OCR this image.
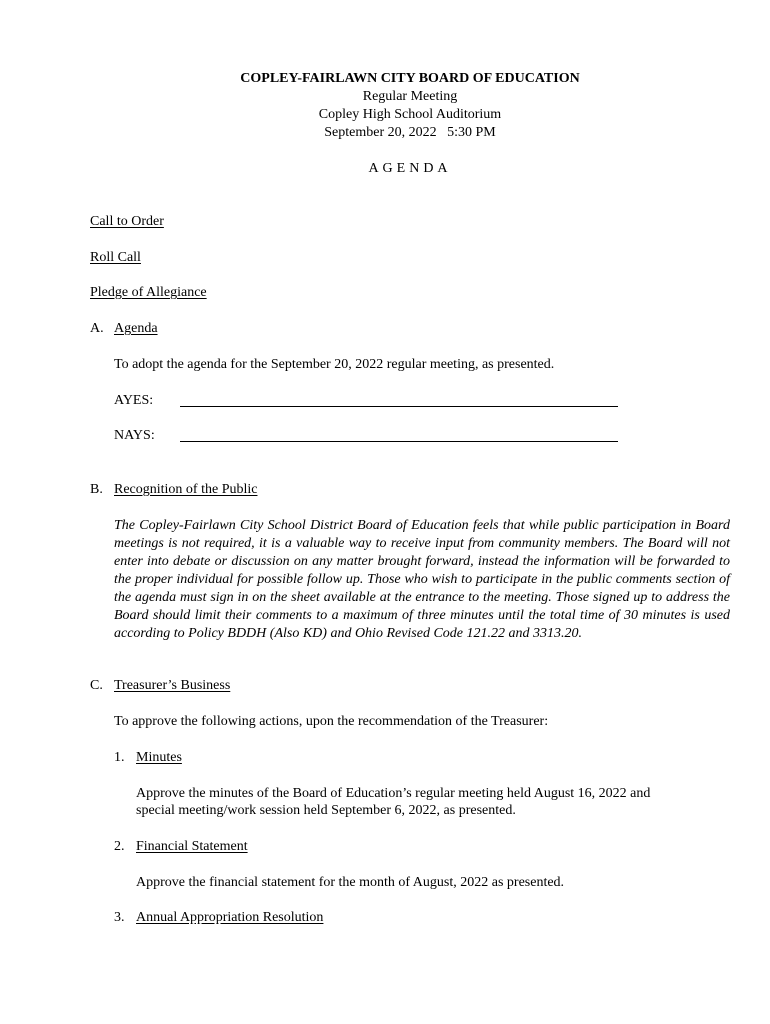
COPLEY-FAIRLAWN CITY BOARD OF EDUCATION
Regular Meeting
Copley High School Auditorium
September 20, 2022   5:30 PM
AGENDA
Call to Order
Roll Call
Pledge of Allegiance
A. Agenda
To adopt the agenda for the September 20, 2022 regular meeting, as presented.
AYES:
NAYS:
B. Recognition of the Public
The Copley-Fairlawn City School District Board of Education feels that while public participation in Board meetings is not required, it is a valuable way to receive input from community members. The Board will not enter into debate or discussion on any matter brought forward, instead the information will be forwarded to the proper individual for possible follow up. Those who wish to participate in the public comments section of the agenda must sign in on the sheet available at the entrance to the meeting. Those signed up to address the Board should limit their comments to a maximum of three minutes until the total time of 30 minutes is used according to Policy BDDH (Also KD) and Ohio Revised Code 121.22 and 3313.20.
C. Treasurer’s Business
To approve the following actions, upon the recommendation of the Treasurer:
1. Minutes
Approve the minutes of the Board of Education’s regular meeting held August 16, 2022 and
special meeting/work session held September 6, 2022, as presented.
2. Financial Statement
Approve the financial statement for the month of August, 2022 as presented.
3. Annual Appropriation Resolution
